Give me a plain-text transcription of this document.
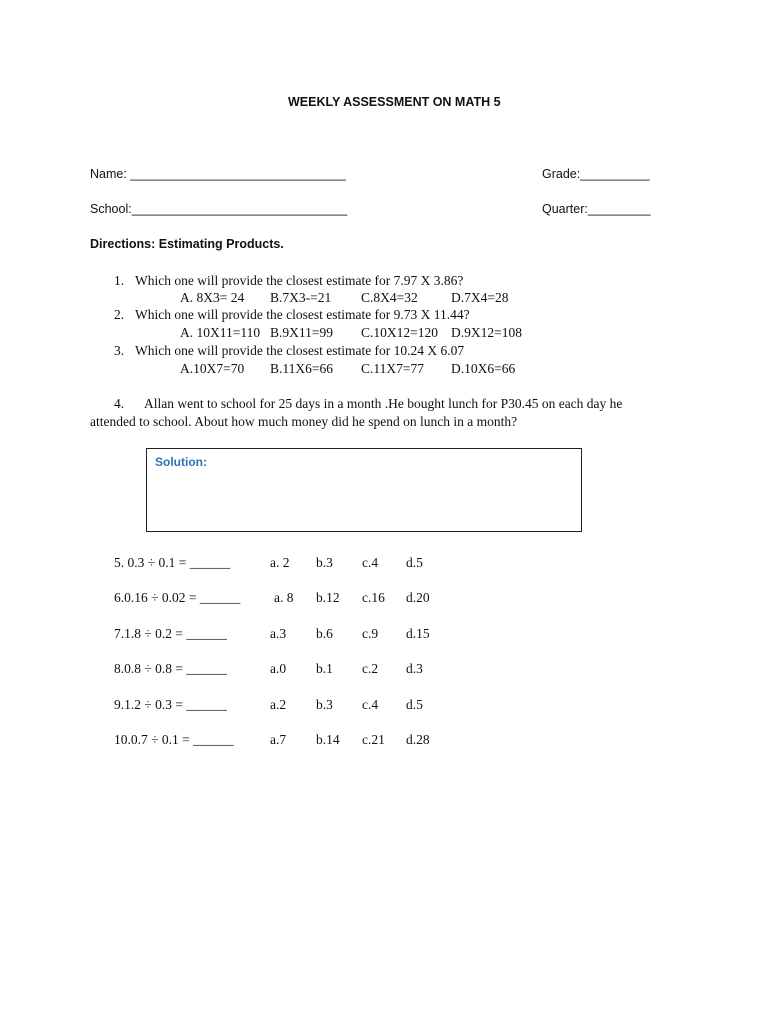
WEEKLY ASSESSMENT ON MATH 5
Name: _______________________________	Grade:__________
School:_______________________________	Quarter:_________
Directions: Estimating Products.
1. Which one will provide the closest estimate for 7.97 X 3.86?
A. 8X3= 24 B.7X3-=21 C.8X4=32 D.7X4=28
2. Which one will provide the closest estimate for 9.73 X 11.44?
A. 10X11=110 B.9X11=99 C.10X12=120 D.9X12=108
3. Which one will provide the closest estimate for 10.24 X 6.07
A.10X7=70 B.11X6=66 C.11X7=77 D.10X6=66
4. Allan went to school for 25 days in a month .He bought lunch for P30.45 on each day he
attended to school. About how much money did he spend on lunch in a month?
Solution:
5. 0.3 ÷ 0.1 = ______	a. 2 b.3 c.4 d.5
6.0.16 ÷ 0.02 = ______ a. 8 b.12 c.16 d.20
7.1.8 ÷ 0.2 = ______	a.3 b.6 c.9 d.15
8.0.8 ÷ 0.8 = ______	a.0 b.1 c.2 d.3
9.1.2 ÷ 0.3 = ______	a.2 b.3 c.4 d.5
10.0.7 ÷ 0.1 = ______	a.7 b.14 c.21 d.28
